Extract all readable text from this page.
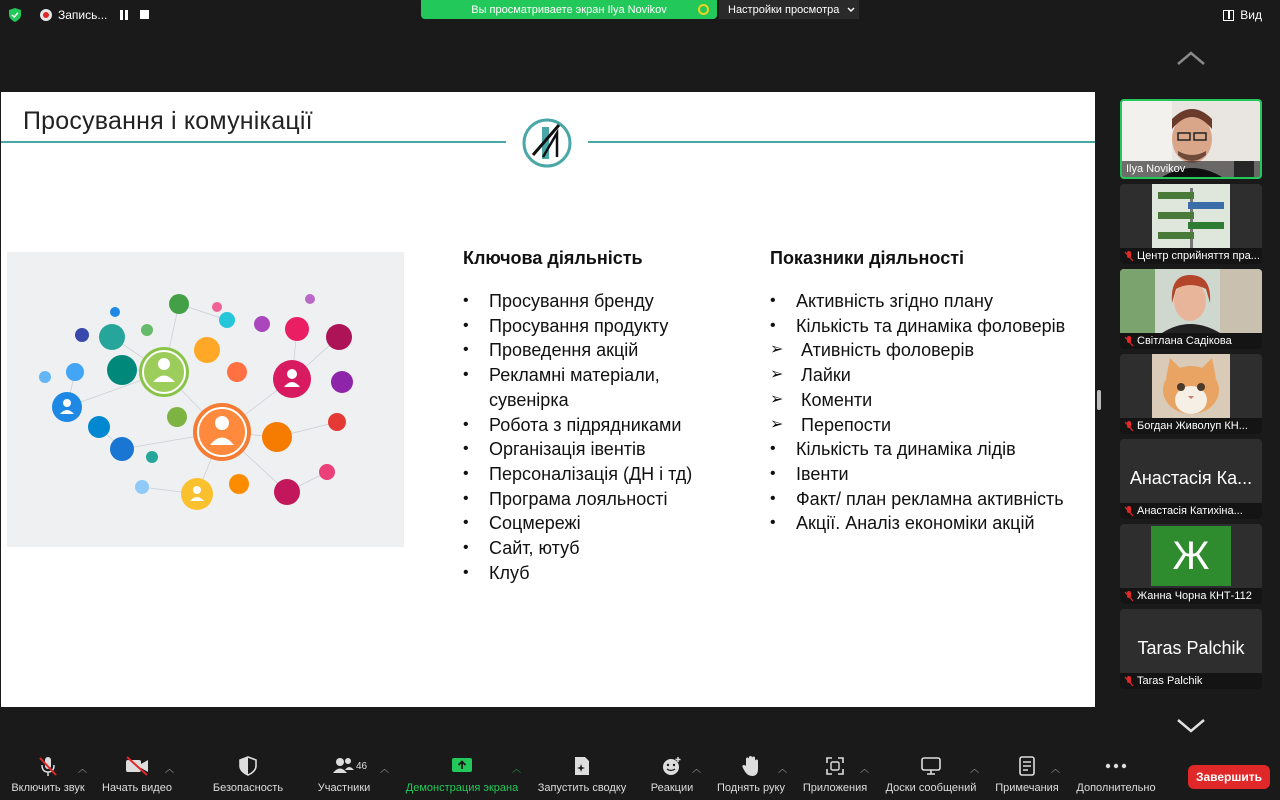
Запись...	Вы просматриваете экран Ilya Novikov	Настройки просмотра	Вид
Просування і комунікації
Ключова діяльність
• Просування бренду
• Просування продукту
• Проведення акцій
• Рекламні матеріали, сувенірка
• Робота з підрядниками
• Організація івентів
• Персоналізація (ДН і тд)
• Програма лояльності
• Соцмережі
• Сайт, ютуб
• Клуб
Показники діяльності
• Активність згідно плану
• Кількість та динаміка фоловерів
➢ Ативність фоловерів
➢ Лайки
➢ Коменти
➢ Перепости
• Кількість та динаміка лідів
• Івенти
• Факт/ план рекламна активність
• Акції. Аналіз економіки акцій
Ilya Novikov
Центр сприйняття пра...
Світлана Садікова
Богдан Живолуп КН...
Анастасія Ка...
Анастасія Катихіна...
Ж
Жанна Чорна КНТ-112
Taras Palchik
Taras Palchik
Включить звук
︿
Начать видео
︿
Безопасность
46
Участники
︿
Демонстрация экрана
︿
Запустить сводку Реакции
︿
Поднять руку
︿
Приложения
︿
Доски сообщений
︿
Примечания
︿
Дополнительно
Завершить
